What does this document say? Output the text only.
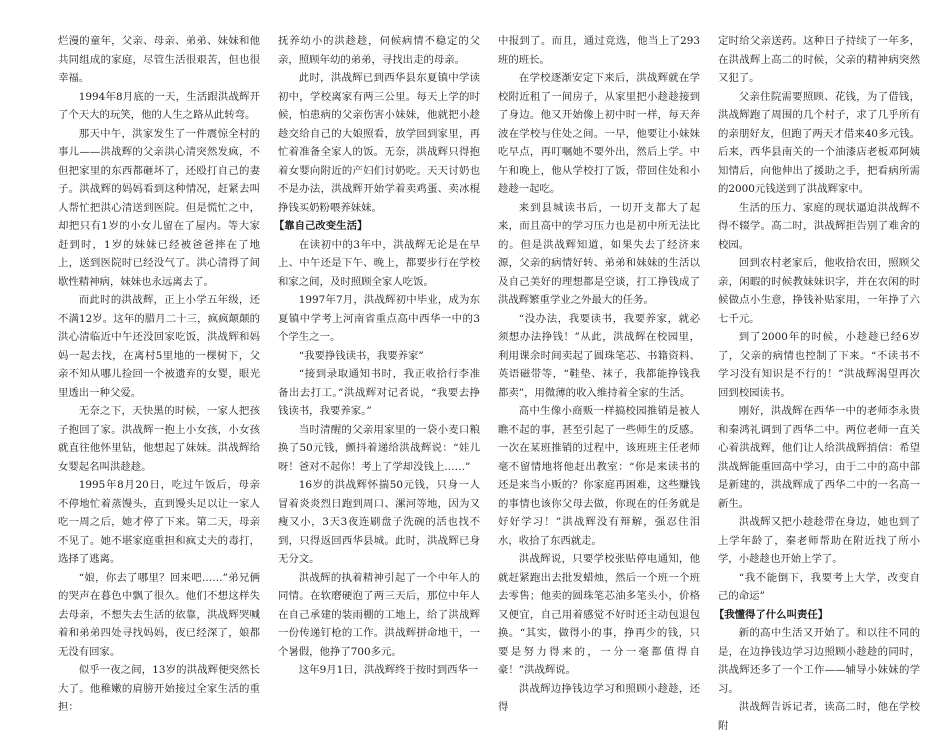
烂漫的童年，父亲、母亲、弟弟、妹妹和他共同组成的家庭，尽管生活很艰苦，但也很幸福。

1994年8月底的一天，生活跟洪战辉开了个天大的玩笑，他的人生之路从此转弯。

那天中午，洪家发生了一件震惊全村的事儿——洪战辉的父亲洪心清突然发疯，不但把家里的东西都砸坏了，还殴打自己的妻子。洪战辉的妈妈看到这种情况，赶紧去叫人帮忙把洪心清送到医院。但是慌忙之中，却把只有1岁的小女儿留在了屋内。等大家赶到时，1岁的妹妹已经被爸爸摔在了地上，送到医院时已经没气了。洪心清得了间歇性精神病，妹妹也永远离去了。

而此时的洪战辉，正上小学五年级，还不满12岁。这年的腊月二十三，疯疯颠颠的洪心清临近中午还没回家吃饭，洪战辉和妈妈一起去找，在离村5里地的一棵树下，父亲不知从哪儿捡回一个被遗弃的女婴，眼光里透出一种父爱。

无奈之下，天快黑的时候，一家人把孩子抱回了家。洪战辉一抱上小女孩，小女孩就直往他怀里钻，他想起了妹妹。洪战辉给女婴起名叫洪趁趁。

1995年8月20日，吃过午饭后，母亲不停地忙着蒸馒头，直到馒头足以让一家人吃一周之后，她才停了下来。第二天，母亲不见了。她不堪家庭重担和疯丈夫的毒打，选择了逃离。

“娘，你去了哪里？回来吧……”弟兄俩的哭声在暮色中飘了很久。他们不想这样失去母亲，不想失去生活的依靠，洪战辉哭喊着和弟弟四处寻找妈妈，夜已经深了，娘都无没有回家。

似乎一夜之间，13岁的洪战辉便突然长大了。他稚嫩的肩膀开始接过全家生活的重担：

抚养幼小的洪趁趁，伺候病情不稳定的父亲，照顾年幼的弟弟，寻找出走的母亲。

此时，洪战辉已到西华县东夏镇中学读初中，学校离家有两三公里。每天上学的时候，怕患病的父亲伤害小妹妹，他就把小趁趁交给自己的大娘照看，放学回到家里，再忙着准备全家人的饭。无奈，洪战辉只得抱着女婴向附近的产妇们讨奶吃。天天讨奶也不是办法，洪战辉开始学着卖鸡蛋、卖冰棍挣钱买奶粉喂养妹妹。

【靠自己改变生活】

在读初中的3年中，洪战辉无论是在早上、中午还是下午、晚上，都要步行在学校和家之间，及时照顾全家人吃饭。

1997年7月，洪战辉初中毕业，成为东夏镇中学考上河南省重点高中西华一中的3个学生之一。

“我要挣钱读书，我要养家”

“接到录取通知书时，我正收拾行李准备出去打工。”洪战辉对记者说，“我要去挣钱读书，我要养家。”

当时清醒的父亲用家里的一袋小麦口粮换了50元钱，颤抖着递给洪战辉说：“娃儿呀！爸对不起你！考上了学却没钱上……”

16岁的洪战辉怀揣50元钱，只身一人冒着炎炎烈日跑到周口、漯河等地，因为又瘦又小，3天3夜连刷盘子洗碗的活也找不到，只得返回西华县城。此时，洪战辉已身无分文。

洪战辉的执着精神引起了一个中年人的同情。在软磨硬泡了两三天后，那位中年人在自己承建的装雨棚的工地上，给了洪战辉一份传递钉枪的工作。洪战辉拼命地干，一个暑假，他挣了700多元。

这年9月1日，洪战辉终于按时到西华一

中报到了。而且，通过竞选，他当上了293班的班长。

在学校逐渐安定下来后，洪战辉就在学校附近租了一间房子，从家里把小趁趁接到了身边。他又开始像上初中时一样，每天奔波在学校与住处之间。一早，他要让小妹妹吃早点，再叮嘱她不要外出，然后上学。中午和晚上，他从学校打了饭，带回住处和小趁趁一起吃。

来到县城读书后，一切开支都大了起来，而且高中的学习压力也是初中所无法比的。但是洪战辉知道，如果失去了经济来源，父亲的病情好转、弟弟和妹妹的生活以及自己美好的理想都是空谈，打工挣钱成了洪战辉繁重学业之外最大的任务。

“没办法，我要读书，我要养家，就必须想办法挣钱！”从此，洪战辉在校园里，利用课余时间卖起了圆珠笔芯、书籍资料、英语磁带等，“鞋垫、袜子，我都能挣钱我都卖”，用微薄的收入维持着全家的生活。

高中生像小商贩一样搞校园推销是被人瞧不起的事，甚至引起了一些师生的反感。一次在某班推销的过程中，该班班主任老师毫不留情地将他赶出教室：“你是来读书的还是来当小贩的？你家庭再困难，这些赚钱的事情也该你父母去做，你现在的任务就是好好学习！”洪战辉没有辩解，强忍住泪水，收拾了东西就走。

洪战辉说，只要学校张贴停电通知，他就赶紧跑出去批发蜡烛，然后一个班一个班去零售；他卖的圆珠笔芯油多笔头小，价格又便宜，自己用着感觉不好时还主动包退包换。“其实，做得小的事，挣再少的钱，只要是努力得来的，一分一毫都值得自豪！”洪战辉说。

洪战辉边挣钱边学习和照顾小趁趁，还得

定时给父亲送药。这种日子持续了一年多，在洪战辉上高二的时候，父亲的精神病突然又犯了。

父亲住院需要照顾、花钱，为了借钱，洪战辉跑了周围的几个村子，求了几乎所有的亲朋好友，但跑了两天才借来40多元钱。后来，西华县南关的一个油漆店老板邓阿姨知情后，向他伸出了援助之手，把看病所需的2000元钱送到了洪战辉家中。

生活的压力、家庭的现状逼迫洪战辉不得不辍学。高二时，洪战辉拒告别了难舍的校园。

回到农村老家后，他收拾农田，照顾父亲，闲暇的时候教妹妹识字，并在农闲的时候做点小生意，挣钱补贴家用，一年挣了六七千元。

到了2000年的时候，小趁趁已经6岁了，父亲的病情也控制了下来。“不读书不学习没有知识是不行的！”洪战辉渴望再次回到校园读书。

刚好，洪战辉在西华一中的老师李永贵和秦鸿礼调到了西华二中。两位老师一直关心着洪战辉，他们让人给洪战辉捎信：希望洪战辉能重回高中学习，由于二中的高中部是新建的，洪战辉成了西华二中的一名高一新生。

洪战辉又把小趁趁带在身边，她也到了上学年龄了，秦老师帮助在附近找了所小学，小趁趁也开始上学了。

“我不能倒下，我要考上大学，改变自己的命运”

【我懂得了什么叫责任】

新的高中生活又开始了。和以往不同的是，在边挣钱边学习边照顾小趁趁的同时，洪战辉还多了一个工作——辅导小妹妹的学习。

洪战辉告诉记者，读高二时，他在学校附
